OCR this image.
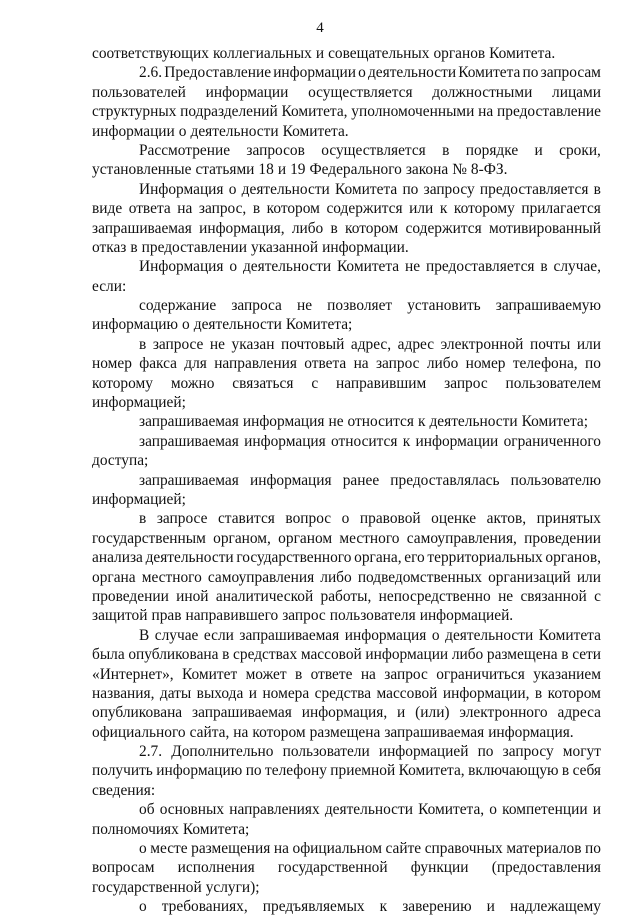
4
соответствующих коллегиальных и совещательных органов Комитета.
2.6. Предоставление информации о деятельности Комитета по запросам
пользователей информации осуществляется должностными лицами
структурных подразделений Комитета, уполномоченными на предоставление
информации о деятельности Комитета.
Рассмотрение запросов осуществляется в порядке и сроки,
установленные статьями 18 и 19 Федерального закона № 8-ФЗ.
Информация о деятельности Комитета по запросу предоставляется в
виде ответа на запрос, в котором содержится или к которому прилагается
запрашиваемая информация, либо в котором содержится мотивированный
отказ в предоставлении указанной информации.
Информация о деятельности Комитета не предоставляется в случае,
если:
содержание запроса не позволяет установить запрашиваемую
информацию о деятельности Комитета;
в запросе не указан почтовый адрес, адрес электронной почты или
номер факса для направления ответа на запрос либо номер телефона, по
которому можно связаться с направившим запрос пользователем
информацией;
запрашиваемая информация не относится к деятельности Комитета;
запрашиваемая информация относится к информации ограниченного
доступа;
запрашиваемая информация ранее предоставлялась пользователю
информацией;
в запросе ставится вопрос о правовой оценке актов, принятых
государственным органом, органом местного самоуправления, проведении
анализа деятельности государственного органа, его территориальных органов,
органа местного самоуправления либо подведомственных организаций или
проведении иной аналитической работы, непосредственно не связанной с
защитой прав направившего запрос пользователя информацией.
В случае если запрашиваемая информация о деятельности Комитета
была опубликована в средствах массовой информации либо размещена в сети
«Интернет», Комитет может в ответе на запрос ограничиться указанием
названия, даты выхода и номера средства массовой информации, в котором
опубликована запрашиваемая информация, и (или) электронного адреса
официального сайта, на котором размещена запрашиваемая информация.
2.7. Дополнительно пользователи информацией по запросу могут
получить информацию по телефону приемной Комитета, включающую в себя
сведения:
об основных направлениях деятельности Комитета, о компетенции и
полномочиях Комитета;
о месте размещения на официальном сайте справочных материалов по
вопросам исполнения государственной функции (предоставления
государственной услуги);
о требованиях, предъявляемых к заверению и надлежащему
